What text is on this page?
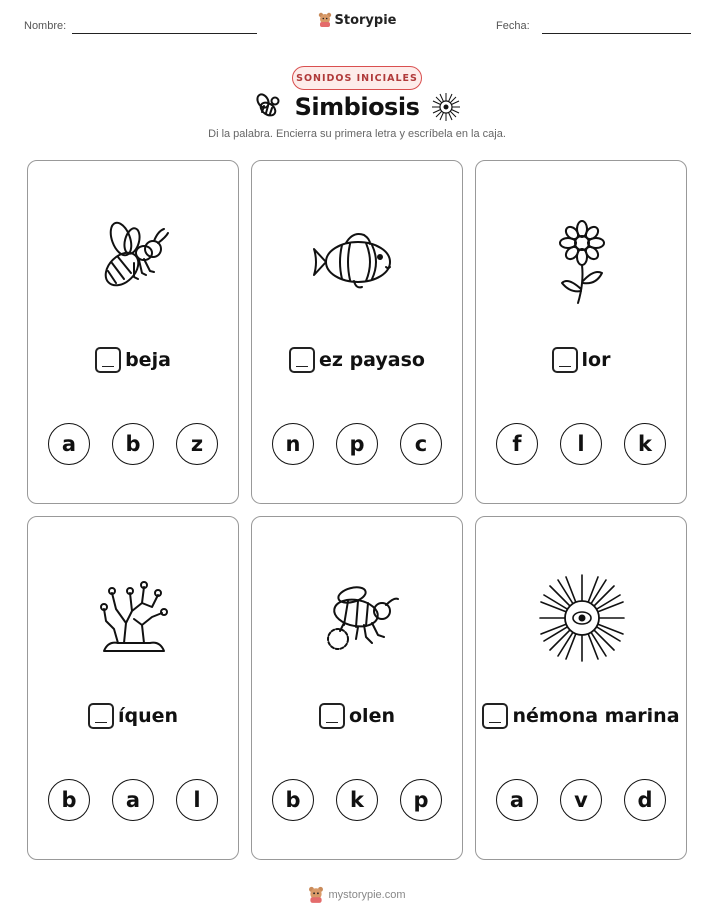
Nombre:	Fecha:
Storypie
SONIDOS INICIALES
Simbiosis
Di la palabra. Encierra su primera letra y escríbela en la caja.
beja
a	b	z
ez payaso
n	p	c
lor
f	l	k
íquen
b	a	l
olen
b	k	p
némona marina
a	v	d
mystorypie.com
